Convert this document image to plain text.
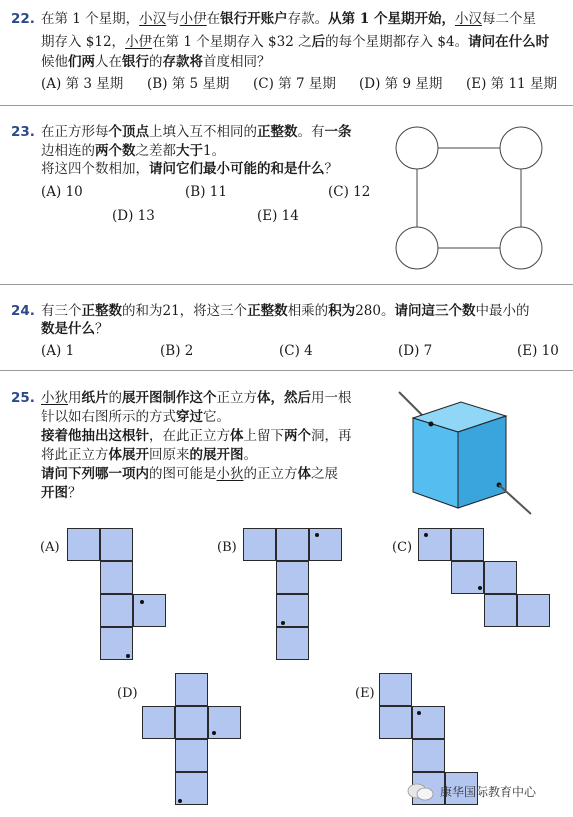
22. 在第 1 个星期，小汉与小伊在银行开账户存款。从第 1 个星期开始，小汉每二个星
期存入 $12，小伊在第 1 个星期存入 $32 之后的每个星期都存入 $4。请问在什么时
候他们两人在银行的存款将首度相同？
(A) 第 3 星期 (B) 第 5 星期 (C) 第 7 星期 (D) 第 9 星期 (E) 第 11 星期
23. 在正方形每个顶点上填入互不相同的正整数。有一条
边相连的两个数之差都大于1。
将这四个数相加，请问它们最小可能的和是什么？
(A) 10	(B) 11	(C) 12
(D) 13	(E) 14
24. 有三个正整数的和为21，将这三个正整数相乘的积为280。请问這三个数中最小的
数是什么？
(A) 1	(B) 2	(C) 4	(D) 7	(E) 10
25. 小狄用纸片的展开图制作这个正立方体，然后用一根
针以如右图所示的方式穿过它。
接着他抽出这根针，在此正立方体上留下两个洞，再
将此正立方体展开回原来的展开图。
请问下列哪一项内的图可能是小狄的正立方体之展
开图？
(A)	(B)	(C)
(D)	(E)
康华国际教育中心
